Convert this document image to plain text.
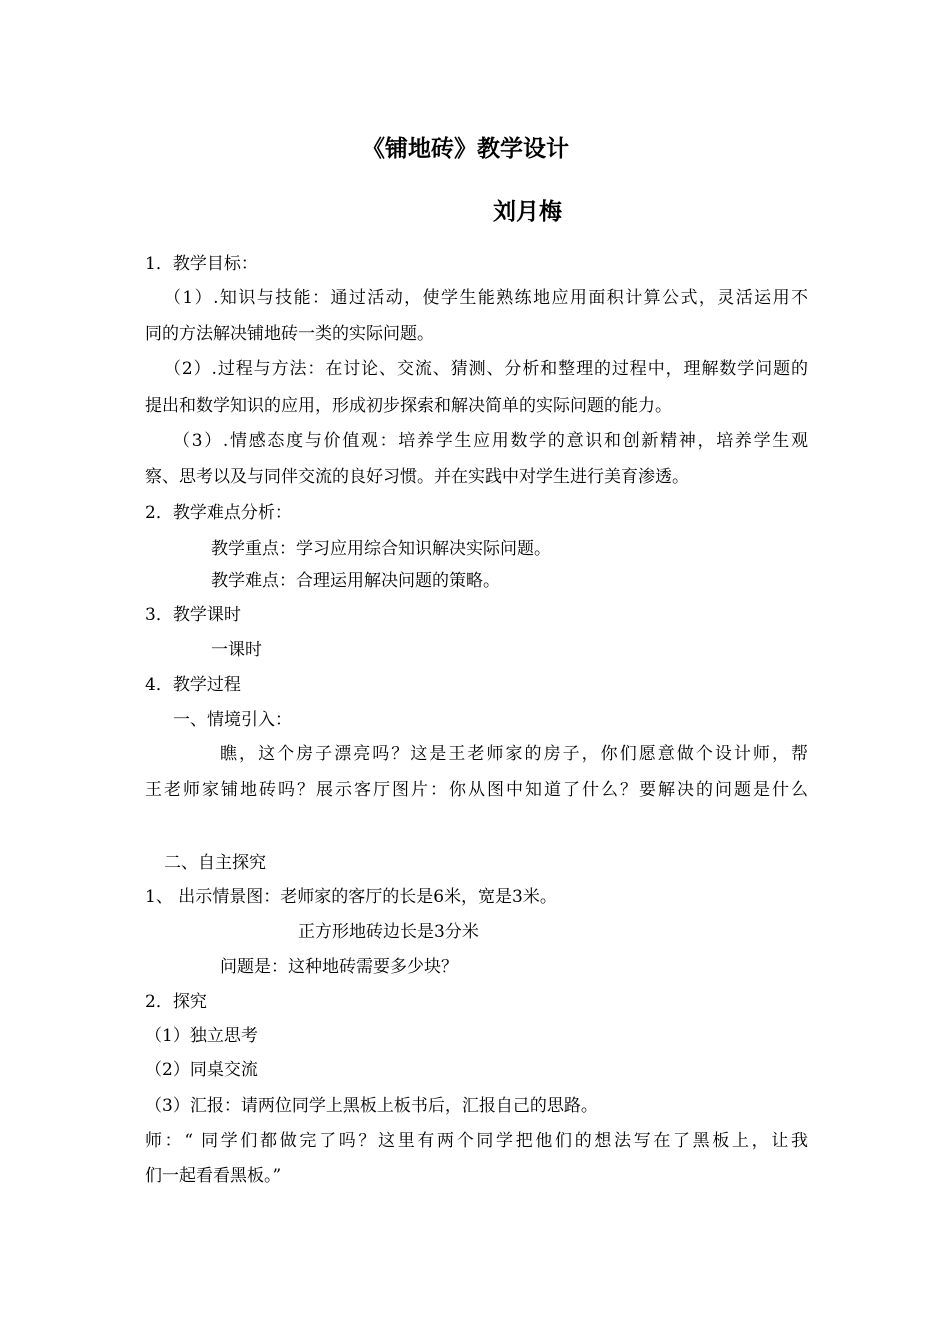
《铺地砖》教学设计
刘月梅
1．教学目标：
（1）.知识与技能：通过活动，使学生能熟练地应用面积计算公式，灵活运用不
同的方法解决铺地砖一类的实际问题。
（2）.过程与方法：在讨论、交流、猜测、分析和整理的过程中，理解数学问题的
提出和数学知识的应用，形成初步探索和解决简单的实际问题的能力。
（3）.情感态度与价值观：培养学生应用数学的意识和创新精神，培养学生观
察、思考以及与同伴交流的良好习惯。并在实践中对学生进行美育渗透。
2．教学难点分析：
教学重点：学习应用综合知识解决实际问题。
教学难点：合理运用解决问题的策略。
3．教学课时
一课时
4．教学过程
一、情境引入：
瞧，这个房子漂亮吗？这是王老师家的房子，你们愿意做个设计师，帮
王老师家铺地砖吗？展示客厅图片：你从图中知道了什么？要解决的问题是什么
二、自主探究
1、 出示情景图：老师家的客厅的长是6米，宽是3米。
正方形地砖边长是3分米
问题是：这种地砖需要多少块？
2．探究
（1）独立思考
（2）同桌交流
（3）汇报：请两位同学上黑板上板书后，汇报自己的思路。
师：“ 同学们都做完了吗？这里有两个同学把他们的想法写在了黑板上，让我
们一起看看黑板。”
